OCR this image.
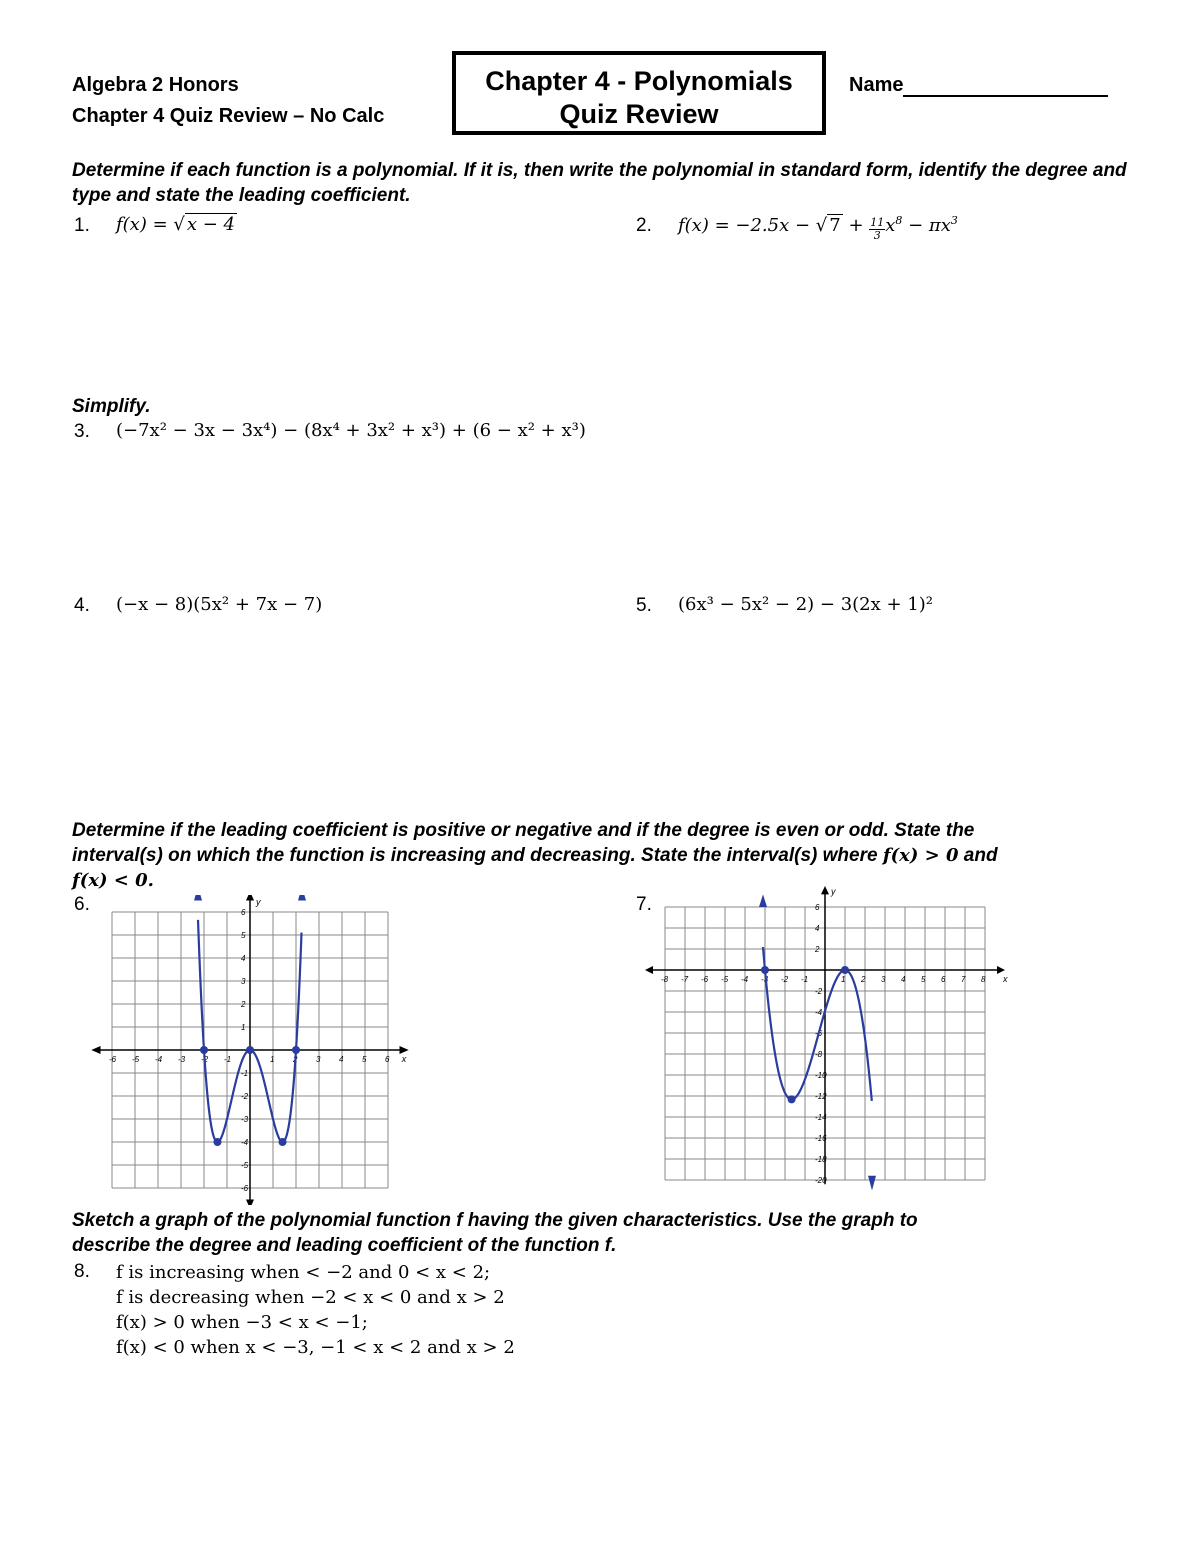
Algebra 2 Honors
Chapter 4 Quiz Review – No Calc
Chapter 4 - Polynomials
Quiz Review
Name
Determine if each function is a polynomial. If it is, then write the polynomial in standard form, identify the degree and type and state the leading coefficient.
1. f(x) = √ x − 4	2. f(x) = −2.5x − √ $7 + \frac{11}{3} x^8 - \pi x^3$
Simplify.
3. (−7x² − 3x − 3x⁴) − (8x⁴ + 3x² + x³) + (6 − x² + x³)
4. (−x − 8)(5x² + 7x − 7)	5. (6x³ − 5x² − 2) − 3(2x + 1)²
Determine if the leading coefficient is positive or negative and if the degree is even or odd. State the
interval(s) on which the function is increasing and decreasing. State the interval(s) where f(x) > 0 and
f(x) < 0.
6.	7.
-6 -5 -4 -3 -2 -1	1 2 3 4 5 6
6
5
4
3
2
1
-1
-2
-3
-4
-5
-6
x
y
-8 -7 -6 -5 -4 -3 -2 -1	1 2 3 4 5 6 7 8
6
4
2
-2
-4
-6
-8
-10
-12
-14
-16
-18
-20
x
y
Sketch a graph of the polynomial function f having the given characteristics. Use the graph to
describe the degree and leading coefficient of the function f.
8. f is increasing when < −2 and 0 < x < 2;
f is decreasing when −2 < x < 0 and x > 2
f(x) > 0 when −3 < x < −1;
f(x) < 0 when x < −3, −1 < x < 2 and x > 2
